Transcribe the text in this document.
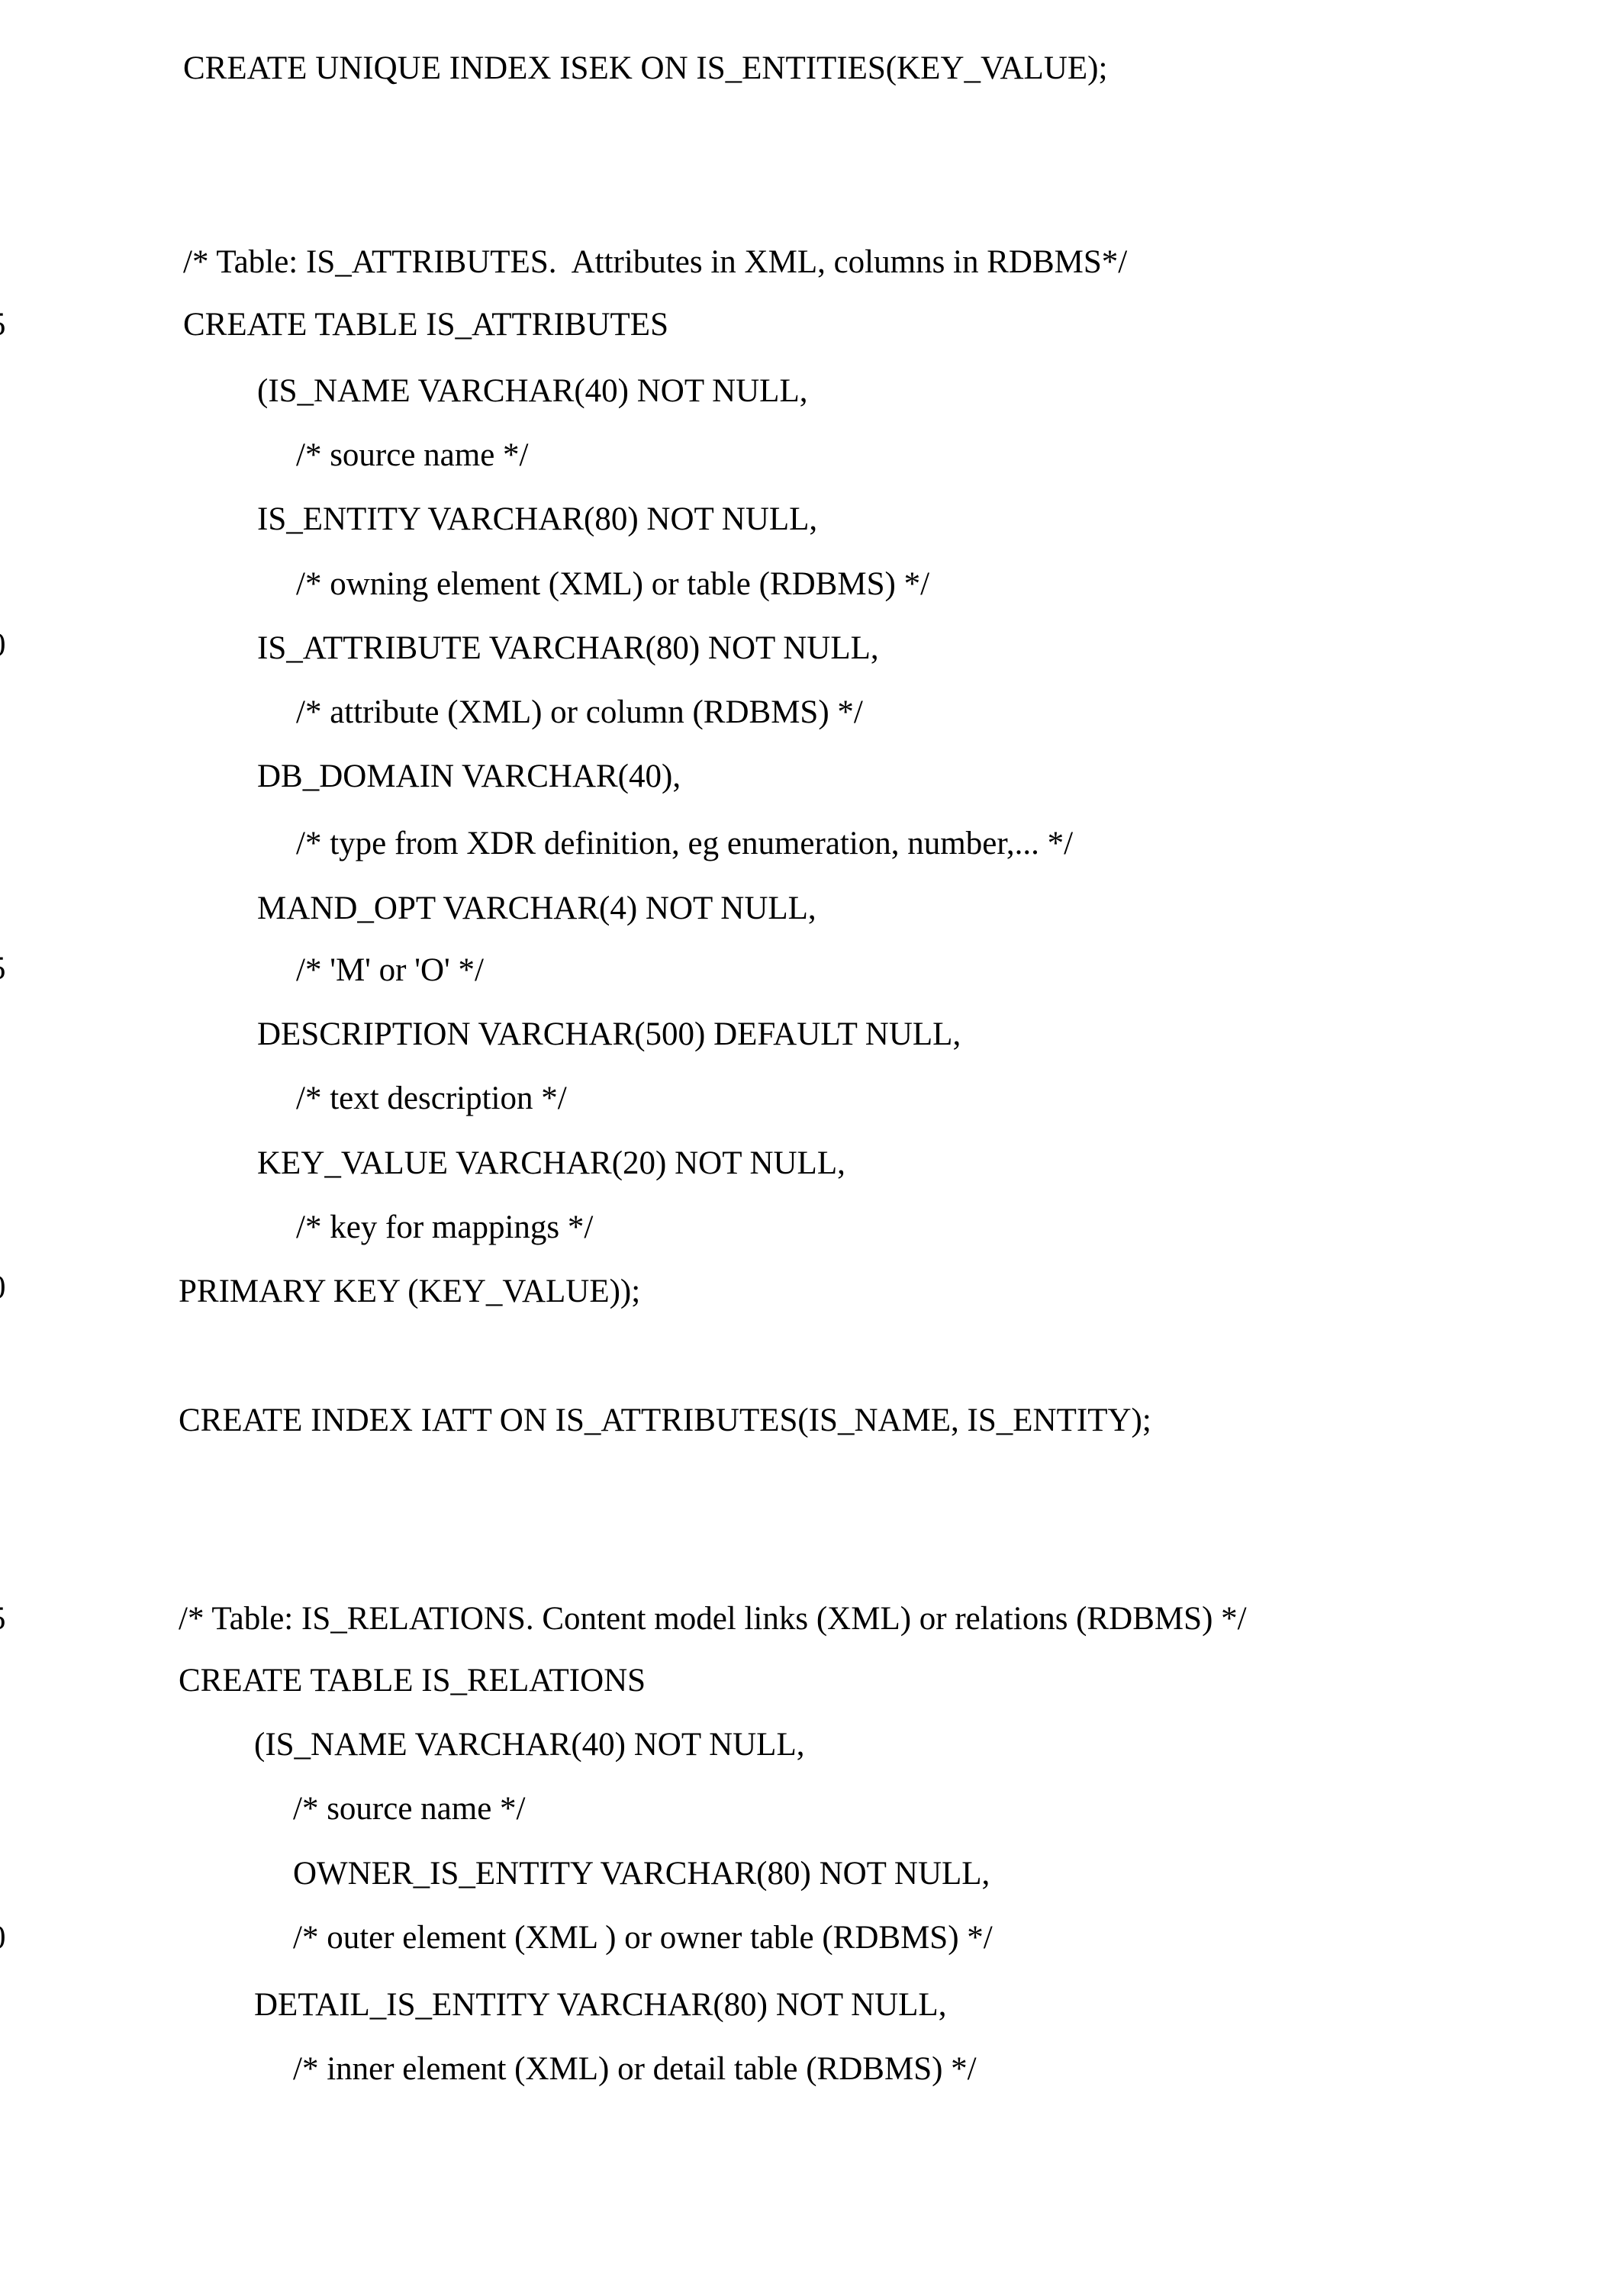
CREATE UNIQUE INDEX ISEK ON IS_ENTITIES(KEY_VALUE);
/* Table: IS_ATTRIBUTES.  Attributes in XML, columns in RDBMS*/
CREATE TABLE IS_ATTRIBUTES
(IS_NAME VARCHAR(40) NOT NULL,
/* source name */
IS_ENTITY VARCHAR(80) NOT NULL,
/* owning element (XML) or table (RDBMS) */
IS_ATTRIBUTE VARCHAR(80) NOT NULL,
/* attribute (XML) or column (RDBMS) */
DB_DOMAIN VARCHAR(40),
/* type from XDR definition, eg enumeration, number,... */
MAND_OPT VARCHAR(4) NOT NULL,
/* 'M' or 'O' */
DESCRIPTION VARCHAR(500) DEFAULT NULL,
/* text description */
KEY_VALUE VARCHAR(20) NOT NULL,
/* key for mappings */
PRIMARY KEY (KEY_VALUE));
CREATE INDEX IATT ON IS_ATTRIBUTES(IS_NAME, IS_ENTITY);
/* Table: IS_RELATIONS. Content model links (XML) or relations (RDBMS) */
CREATE TABLE IS_RELATIONS
(IS_NAME VARCHAR(40) NOT NULL,
/* source name */
OWNER_IS_ENTITY VARCHAR(80) NOT NULL,
/* outer element (XML ) or owner table (RDBMS) */
DETAIL_IS_ENTITY VARCHAR(80) NOT NULL,
/* inner element (XML) or detail table (RDBMS) */
